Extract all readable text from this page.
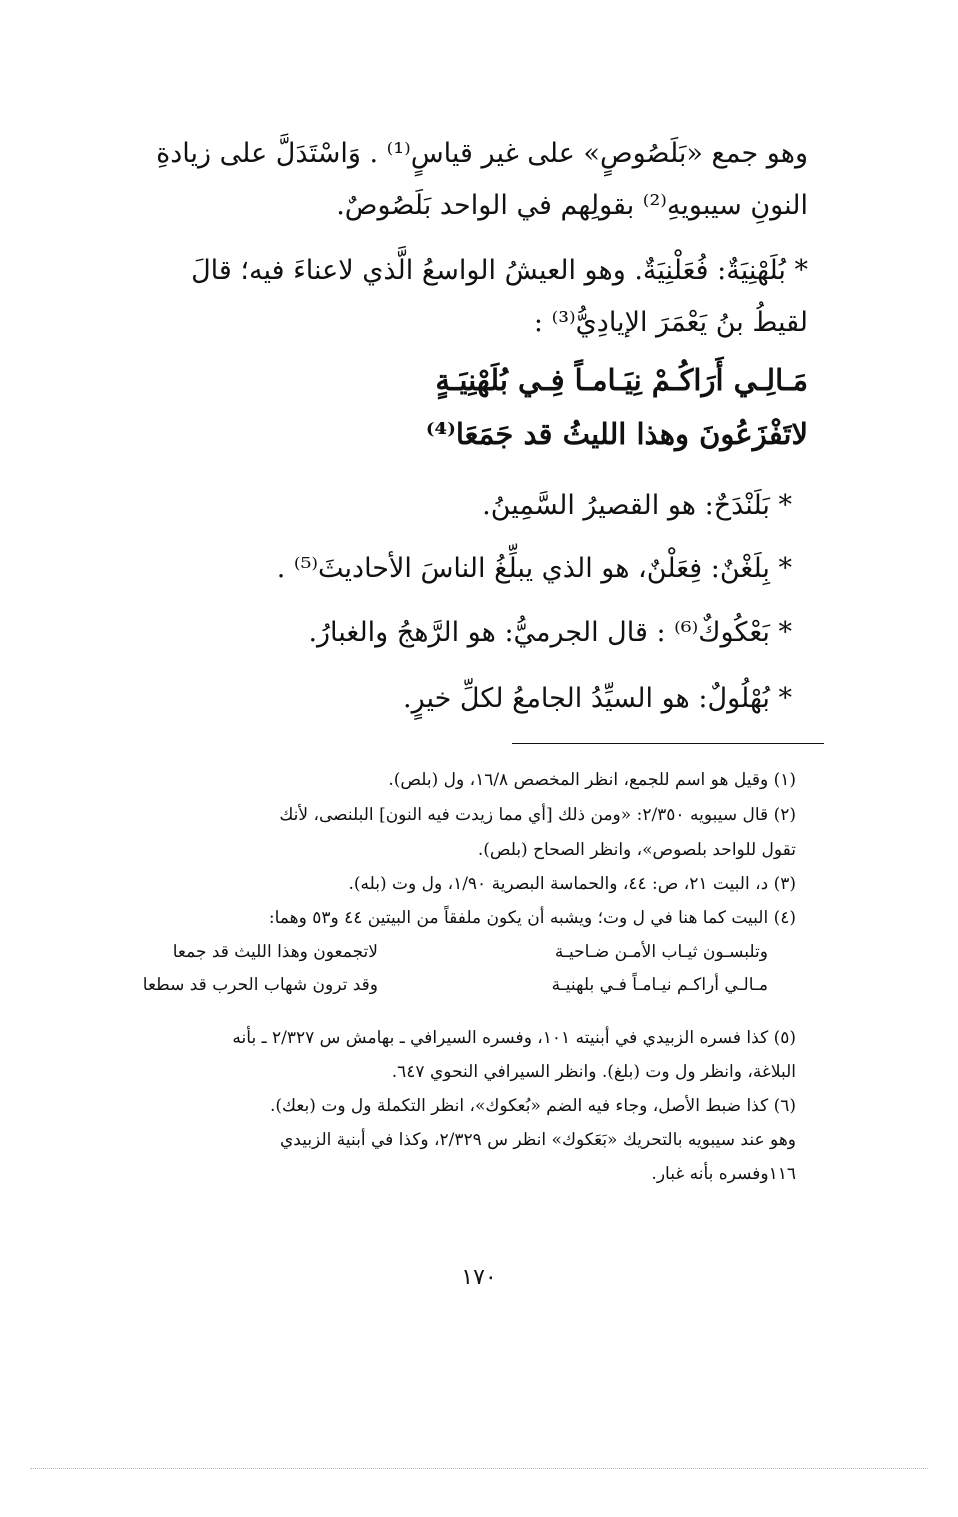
وهو جمع «بَلَصُوصٍ» على غير قياسٍ⁽¹⁾ . وَاسْتَدَلَّ على زيادةِ
النونِ سيبويهِ⁽²⁾ بقولِهم في الواحد بَلَصُوصٌ.
* بُلَهْنِيَةٌ: فُعَلْنِيَةٌ. وهو العيشُ الواسعُ الَّذي لاعناءَ فيه؛ قالَ
لقيطُ بنُ يَعْمَرَ الإيادِيُّ⁽³⁾ :
مَـالِـي أَرَاكُـمْ نِيَـامـاً فِـي بُلَهْنِيَـةٍ
لاتَفْزَعُونَ وهذا الليثُ قد جَمَعَا⁽⁴⁾
* بَلَنْدَحٌ: هو القصيرُ السَّمِينُ.
* بِلَغْنٌ: فِعَلْنٌ، هو الذي يبلِّغُ الناسَ الأحاديثَ⁽⁵⁾ .
* بَعْكُوكٌ⁽⁶⁾ : قال الجرميُّ: هو الرَّهجُ والغبارُ.
* بُهْلُولٌ: هو السيِّدُ الجامعُ لكلِّ خيرٍ.
(١) وقيل هو اسم للجمع، انظر المخصص ١٦/٨، ول (بلص).
(٢) قال سيبويه ٢/٣٥٠: «ومن ذلك [أي مما زيدت فيه النون] البلنصى، لأنك
تقول للواحد بلصوص»، وانظر الصحاح (بلص).
(٣) د، البيت ٢١، ص: ٤٤، والحماسة البصرية ١/٩٠، ول وت (بله).
(٤) البيت كما هنا في ل وت؛ ويشبه أن يكون ملفقاً من البيتين ٤٤ و٥٣ وهما:
وتلبسـون ثيـاب الأمـن ضـاحيـة
لاتجمعون وهذا الليث قد جمعا
مـالـي أراكـم نيـامـاً فـي بلهنيـة
وقد ترون شهاب الحرب قد سطعا
(٥) كذا فسره الزبيدي في أبنيته ١٠١، وفسره السيرافي ـ بهامش س ٢/٣٢٧ ـ بأنه
البلاغة، وانظر ول وت (بلغ). وانظر السيرافي النحوي ٦٤٧.
(٦) كذا ضبط الأصل، وجاء فيه الضم «بُعكوك»، انظر التكملة ول وت (بعك).
وهو عند سيبويه بالتحريك «بَعَكوك» انظر س ٢/٣٢٩، وكذا في أبنية الزبيدي
١١٦وفسره بأنه غبار.
١٧٠
